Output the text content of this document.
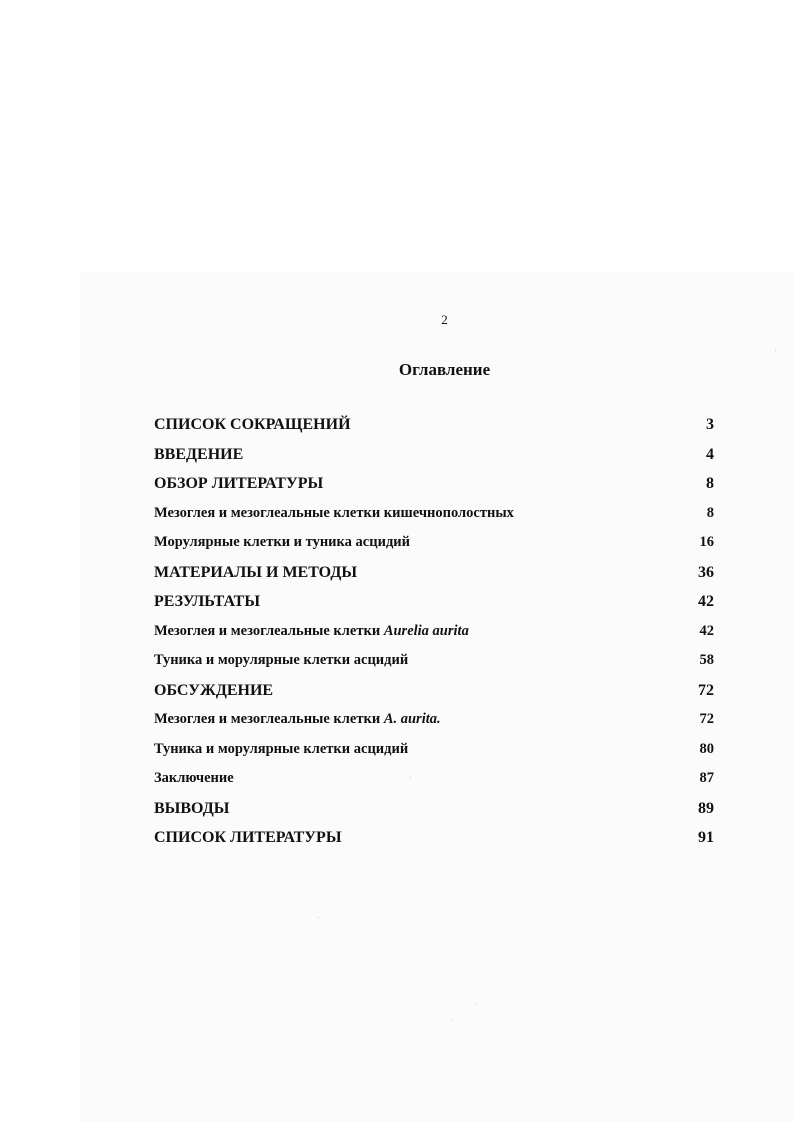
2
Оглавление
СПИСОК СОКРАЩЕНИЙ	3
ВВЕДЕНИЕ	4
ОБЗОР ЛИТЕРАТУРЫ	8
Мезоглея и мезоглеальные клетки кишечнополостных	8
Морулярные клетки и туника асцидий	16
МАТЕРИАЛЫ И МЕТОДЫ	36
РЕЗУЛЬТАТЫ	42
Мезоглея и мезоглеальные клетки Aurelia aurita	42
Туника и морулярные клетки асцидий	58
ОБСУЖДЕНИЕ	72
Мезоглея и мезоглеальные клетки A. aurita.	72
Туника и морулярные клетки асцидий	80
Заключение	87
ВЫВОДЫ	89
СПИСОК ЛИТЕРАТУРЫ	91
